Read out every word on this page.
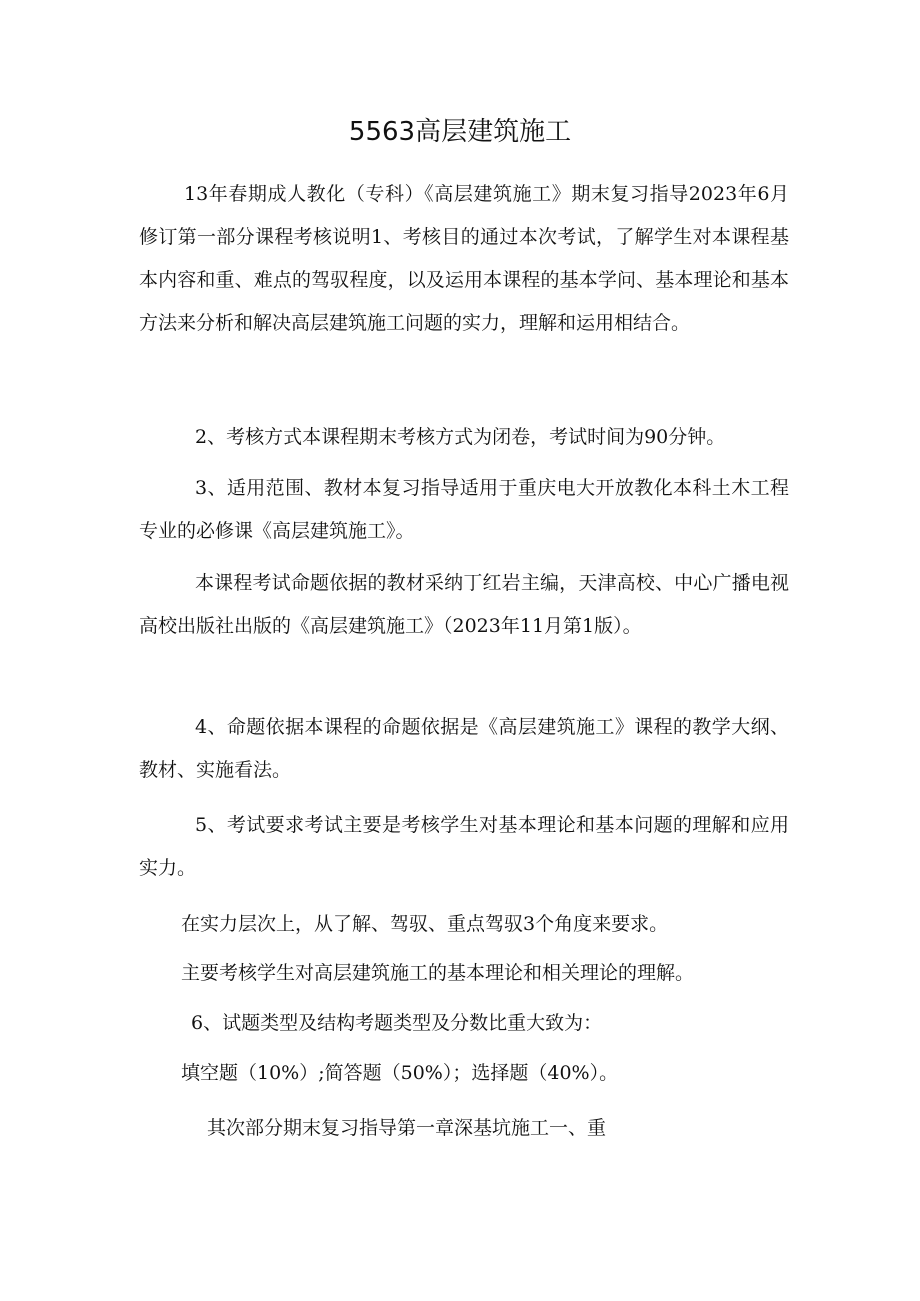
5563高层建筑施工

13年春期成人教化（专科）《高层建筑施工》期末复习指导2023年6月修订第一部分课程考核说明1、考核目的通过本次考试，了解学生对本课程基本内容和重、难点的驾驭程度，以及运用本课程的基本学问、基本理论和基本方法来分析和解决高层建筑施工问题的实力，理解和运用相结合。

2、考核方式本课程期末考核方式为闭卷，考试时间为90分钟。

3、适用范围、教材本复习指导适用于重庆电大开放教化本科土木工程专业的必修课《高层建筑施工》。

本课程考试命题依据的教材采纳丁红岩主编，天津高校、中心广播电视高校出版社出版的《高层建筑施工》（2023年11月第1版）。

4、命题依据本课程的命题依据是《高层建筑施工》课程的教学大纲、教材、实施看法。

5、考试要求考试主要是考核学生对基本理论和基本问题的理解和应用实力。

在实力层次上，从了解、驾驭、重点驾驭3个角度来要求。

主要考核学生对高层建筑施工的基本理论和相关理论的理解。

6、试题类型及结构考题类型及分数比重大致为：

填空题（10%）;简答题（50%）；选择题（40%）。

其次部分期末复习指导第一章深基坑施工一、重
